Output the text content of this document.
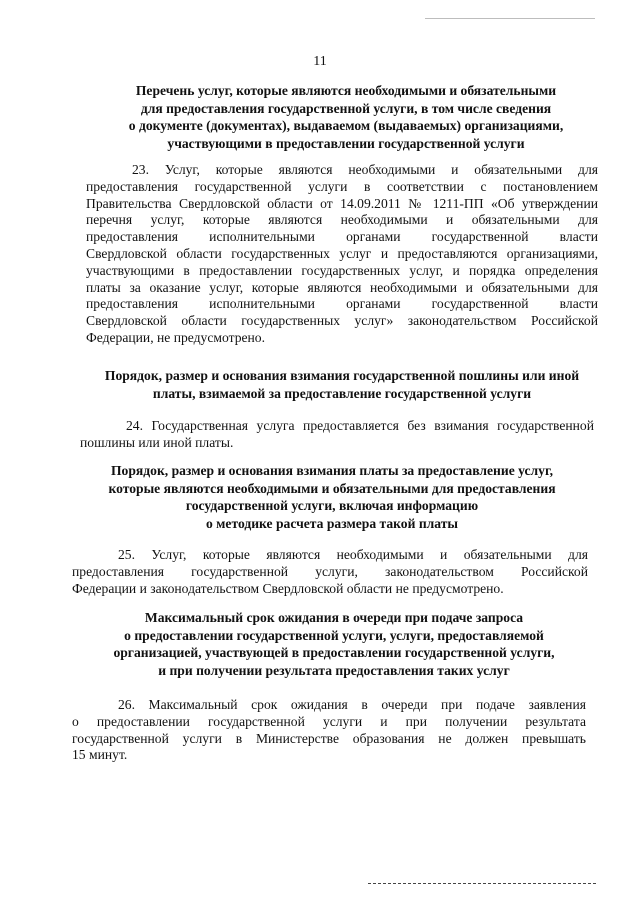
11
Перечень услуг, которые являются необходимыми и обязательными
для предоставления государственной услуги, в том числе сведения
о документе (документах), выдаваемом (выдаваемых) организациями,
участвующими в предоставлении государственной услуги
23. Услуг, которые являются необходимыми и обязательными для
предоставления государственной услуги в соответствии с постановлением
Правительства Свердловской области от 14.09.2011 № 1211-ПП «Об утверждении
перечня услуг, которые являются необходимыми и обязательными для
предоставления исполнительными органами государственной власти
Свердловской области государственных услуг и предоставляются организациями,
участвующими в предоставлении государственных услуг, и порядка определения
платы за оказание услуг, которые являются необходимыми и обязательными для
предоставления исполнительными органами государственной власти
Свердловской области государственных услуг» законодательством Российской
Федерации, не предусмотрено.
Порядок, размер и основания взимания государственной пошлины или иной
платы, взимаемой за предоставление государственной услуги
24. Государственная услуга предоставляется без взимания государственной
пошлины или иной платы.
Порядок, размер и основания взимания платы за предоставление услуг,
которые являются необходимыми и обязательными для предоставления
государственной услуги, включая информацию
о методике расчета размера такой платы
25. Услуг, которые являются необходимыми и обязательными для
предоставления государственной услуги, законодательством Российской
Федерации и законодательством Свердловской области не предусмотрено.
Максимальный срок ожидания в очереди при подаче запроса
о предоставлении государственной услуги, услуги, предоставляемой
организацией, участвующей в предоставлении государственной услуги,
и при получении результата предоставления таких услуг
26. Максимальный срок ожидания в очереди при подаче заявления
о предоставлении государственной услуги и при получении результата
государственной услуги в Министерстве образования не должен превышать
15 минут.
